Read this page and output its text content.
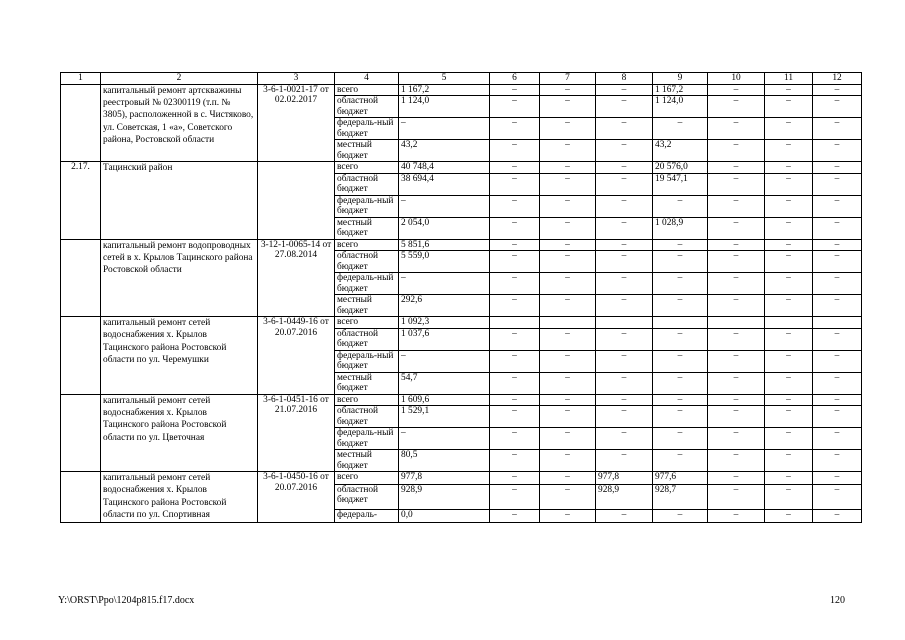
1	2	3	4	5	6	7	8	9	10	11	12
	капитальный ремонт артскважины реестровый № 02300119 (т.п. № 3805), расположенной в с. Чистяково, ул. Советская, 1 «а», Советского района, Ростовской области	3-6-1-0021-17 от 02.02.2017	всего	1 167,2	–	–	–	1 167,2	–	–	–
			областной бюджет	1 124,0	–	–	–	1 124,0	–	–	–
			федераль-ный бюджет	–	–	–	–	–	–	–	–
			местный бюджет	43,2	–	–	–	43,2	–	–	–
2.17.	Тацинский район		всего	40 748,4	–	–	–	20 576,0	–	–	–
			областной бюджет	38 694,4	–	–	–	19 547,1	–	–	–
			федераль-ный бюджет	–	–	–	–	–	–	–	–
			местный бюджет	2 054,0	–	–	–	1 028,9	–	–	–
	капитальный ремонт водопроводных сетей в х. Крылов Тацинского района Ростовской области	3-12-1-0065-14 от 27.08.2014	всего	5 851,6	–	–	–	–	–	–	–
			областной бюджет	5 559,0	–	–	–	–	–	–	–
			федераль-ный бюджет	–	–	–	–	–	–	–	–
			местный бюджет	292,6	–	–	–	–	–	–	–
	капитальный ремонт сетей водоснабжения х. Крылов Тацинского района Ростовской области по ул. Черемушки	3-6-1-0449-16 от 20.07.2016	всего	1 092,3							
			областной бюджет	1 037,6	–	–	–	–	–	–	–
			федераль-ный бюджет	–	–	–	–	–	–	–	–
			местный бюджет	54,7	–	–	–	–	–	–	–
	капитальный ремонт сетей водоснабжения х. Крылов Тацинского района Ростовской области по ул. Цветочная	3-6-1-0451-16 от 21.07.2016	всего	1 609,6	–	–	–	–	–	–	–
			областной бюджет	1 529,1	–	–	–	–	–	–	–
			федераль-ный бюджет	–	–	–	–	–	–	–	–
			местный бюджет	80,5	–	–	–	–	–	–	–
	капитальный ремонт сетей водоснабжения х. Крылов Тацинского района Ростовской области по ул. Спортивная	3-6-1-0450-16 от 20.07.2016	всего	977,8	–	–	977,8	977,6	–	–	–
			областной бюджет	928,9	–	–	928,9	928,7	–	–	–
			федераль-	0,0	–	–	–	–	–	–	–
Y:\ORST\Ppo\1204p815.f17.docx	120
